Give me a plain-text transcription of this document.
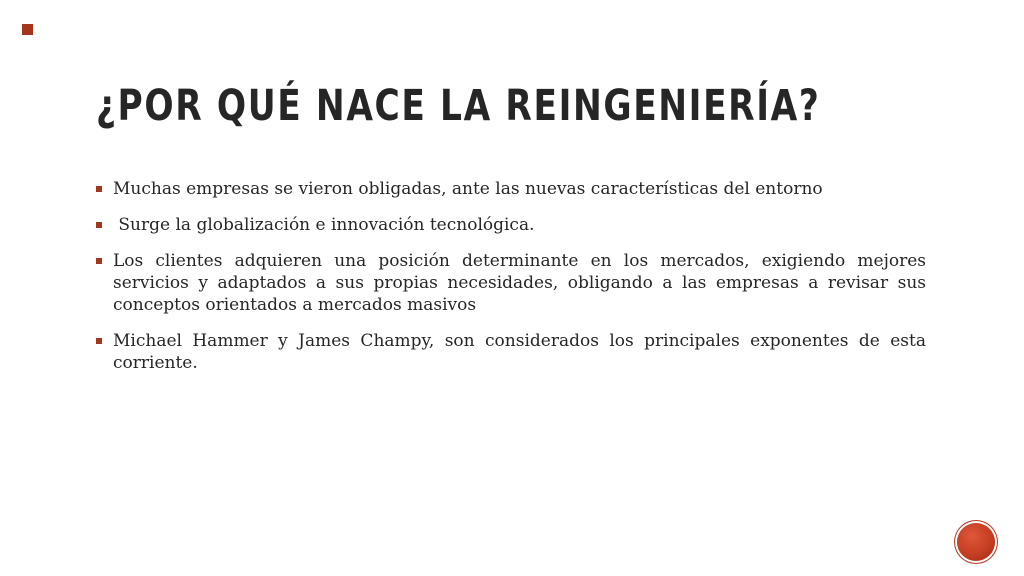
¿POR QUÉ NACE LA REINGENIERÍA?
Muchas empresas se vieron obligadas, ante las nuevas características del entorno
Surge la globalización e innovación tecnológica.
Los clientes adquieren una posición determinante en los mercados, exigiendo mejores servicios y adaptados a sus propias necesidades, obligando a las empresas a revisar sus conceptos orientados a mercados masivos
Michael Hammer y James Champy, son considerados los principales exponentes de esta corriente.
